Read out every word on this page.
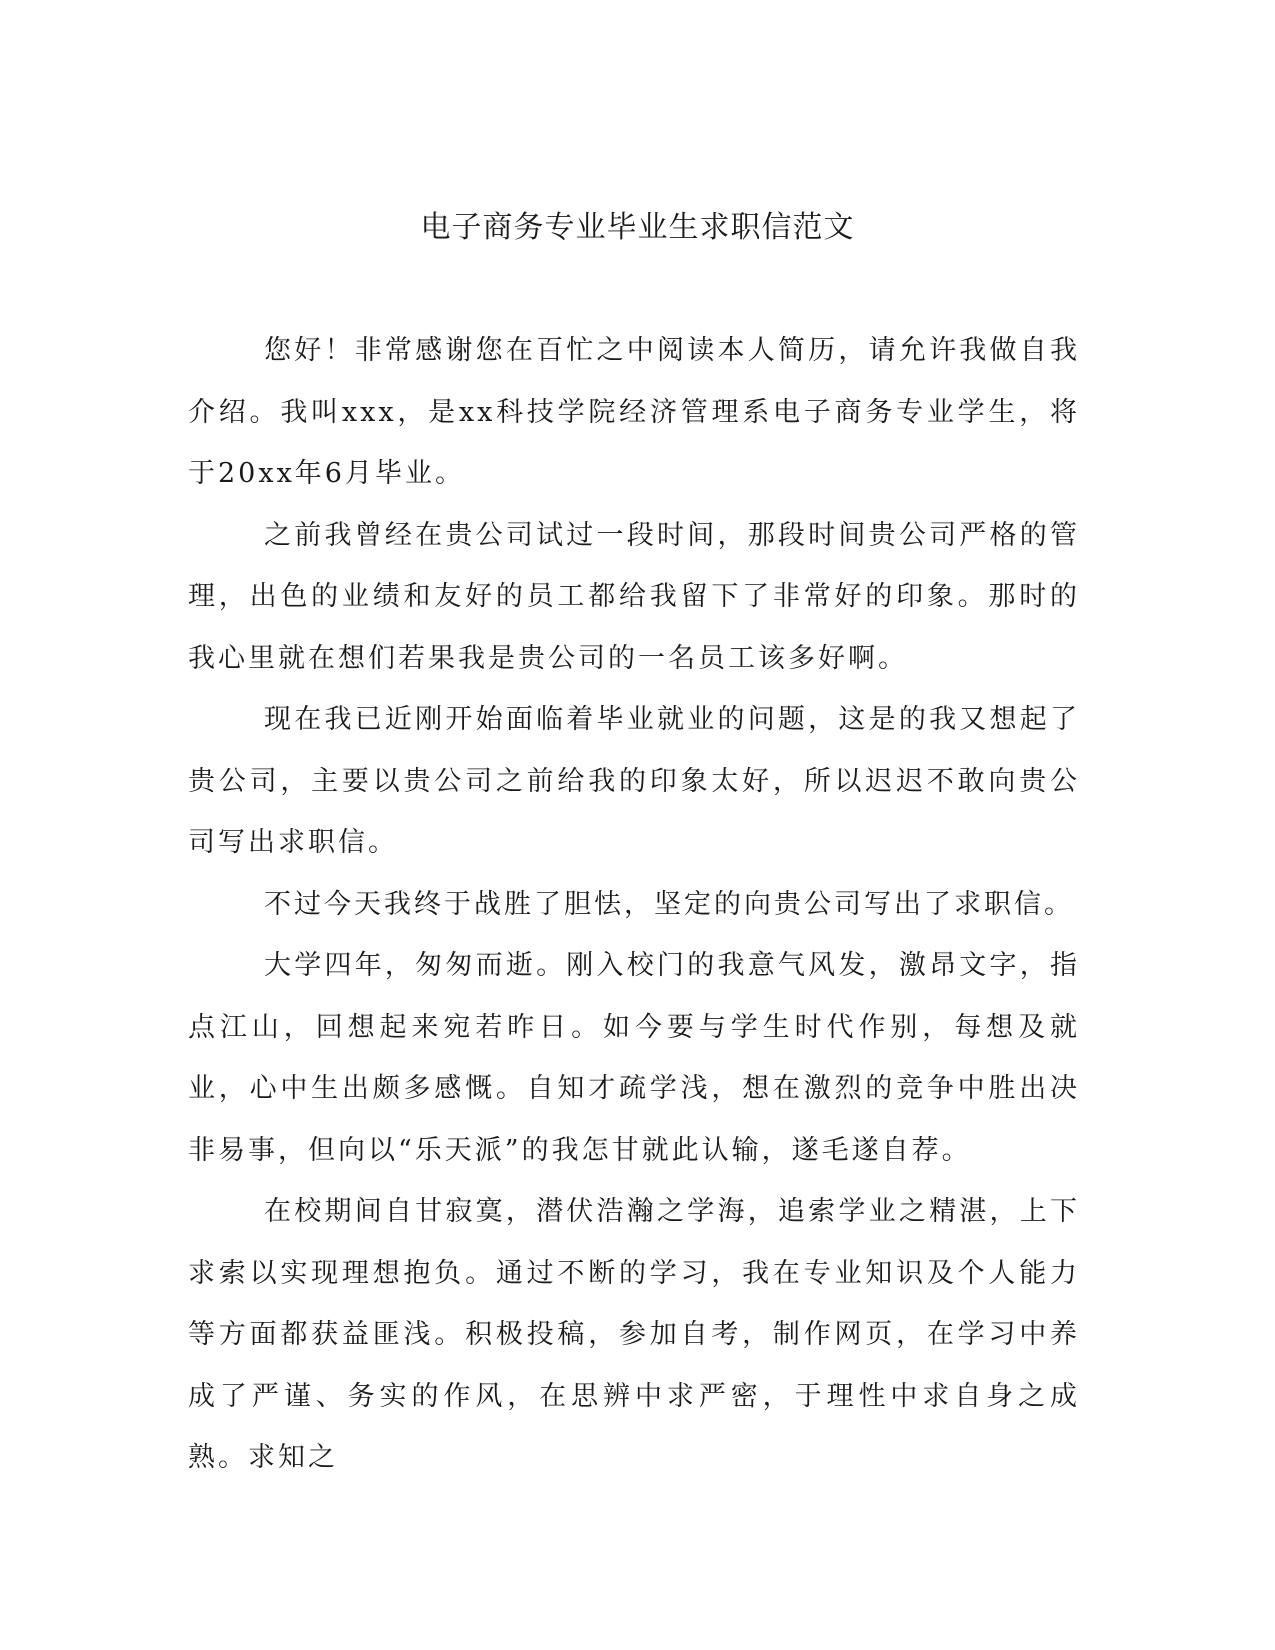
电子商务专业毕业生求职信范文

您好！非常感谢您在百忙之中阅读本人简历，请允许我做自我介绍。我叫xxx，是xx科技学院经济管理系电子商务专业学生，将于20xx年6月毕业。

之前我曾经在贵公司试过一段时间，那段时间贵公司严格的管理，出色的业绩和友好的员工都给我留下了非常好的印象。那时的我心里就在想们若果我是贵公司的一名员工该多好啊。

现在我已近刚开始面临着毕业就业的问题，这是的我又想起了贵公司，主要以贵公司之前给我的印象太好，所以迟迟不敢向贵公司写出求职信。

不过今天我终于战胜了胆怯，坚定的向贵公司写出了求职信。

大学四年，匆匆而逝。刚入校门的我意气风发，激昂文字，指点江山，回想起来宛若昨日。如今要与学生时代作别，每想及就业，心中生出颇多感慨。自知才疏学浅，想在激烈的竞争中胜出决非易事，但向以“乐天派”的我怎甘就此认输，遂毛遂自荐。

在校期间自甘寂寞，潜伏浩瀚之学海，追索学业之精湛，上下求索以实现理想抱负。通过不断的学习，我在专业知识及个人能力等方面都获益匪浅。积极投稿，参加自考，制作网页，在学习中养成了严谨、务实的作风，在思辨中求严密，于理性中求自身之成熟。求知之
